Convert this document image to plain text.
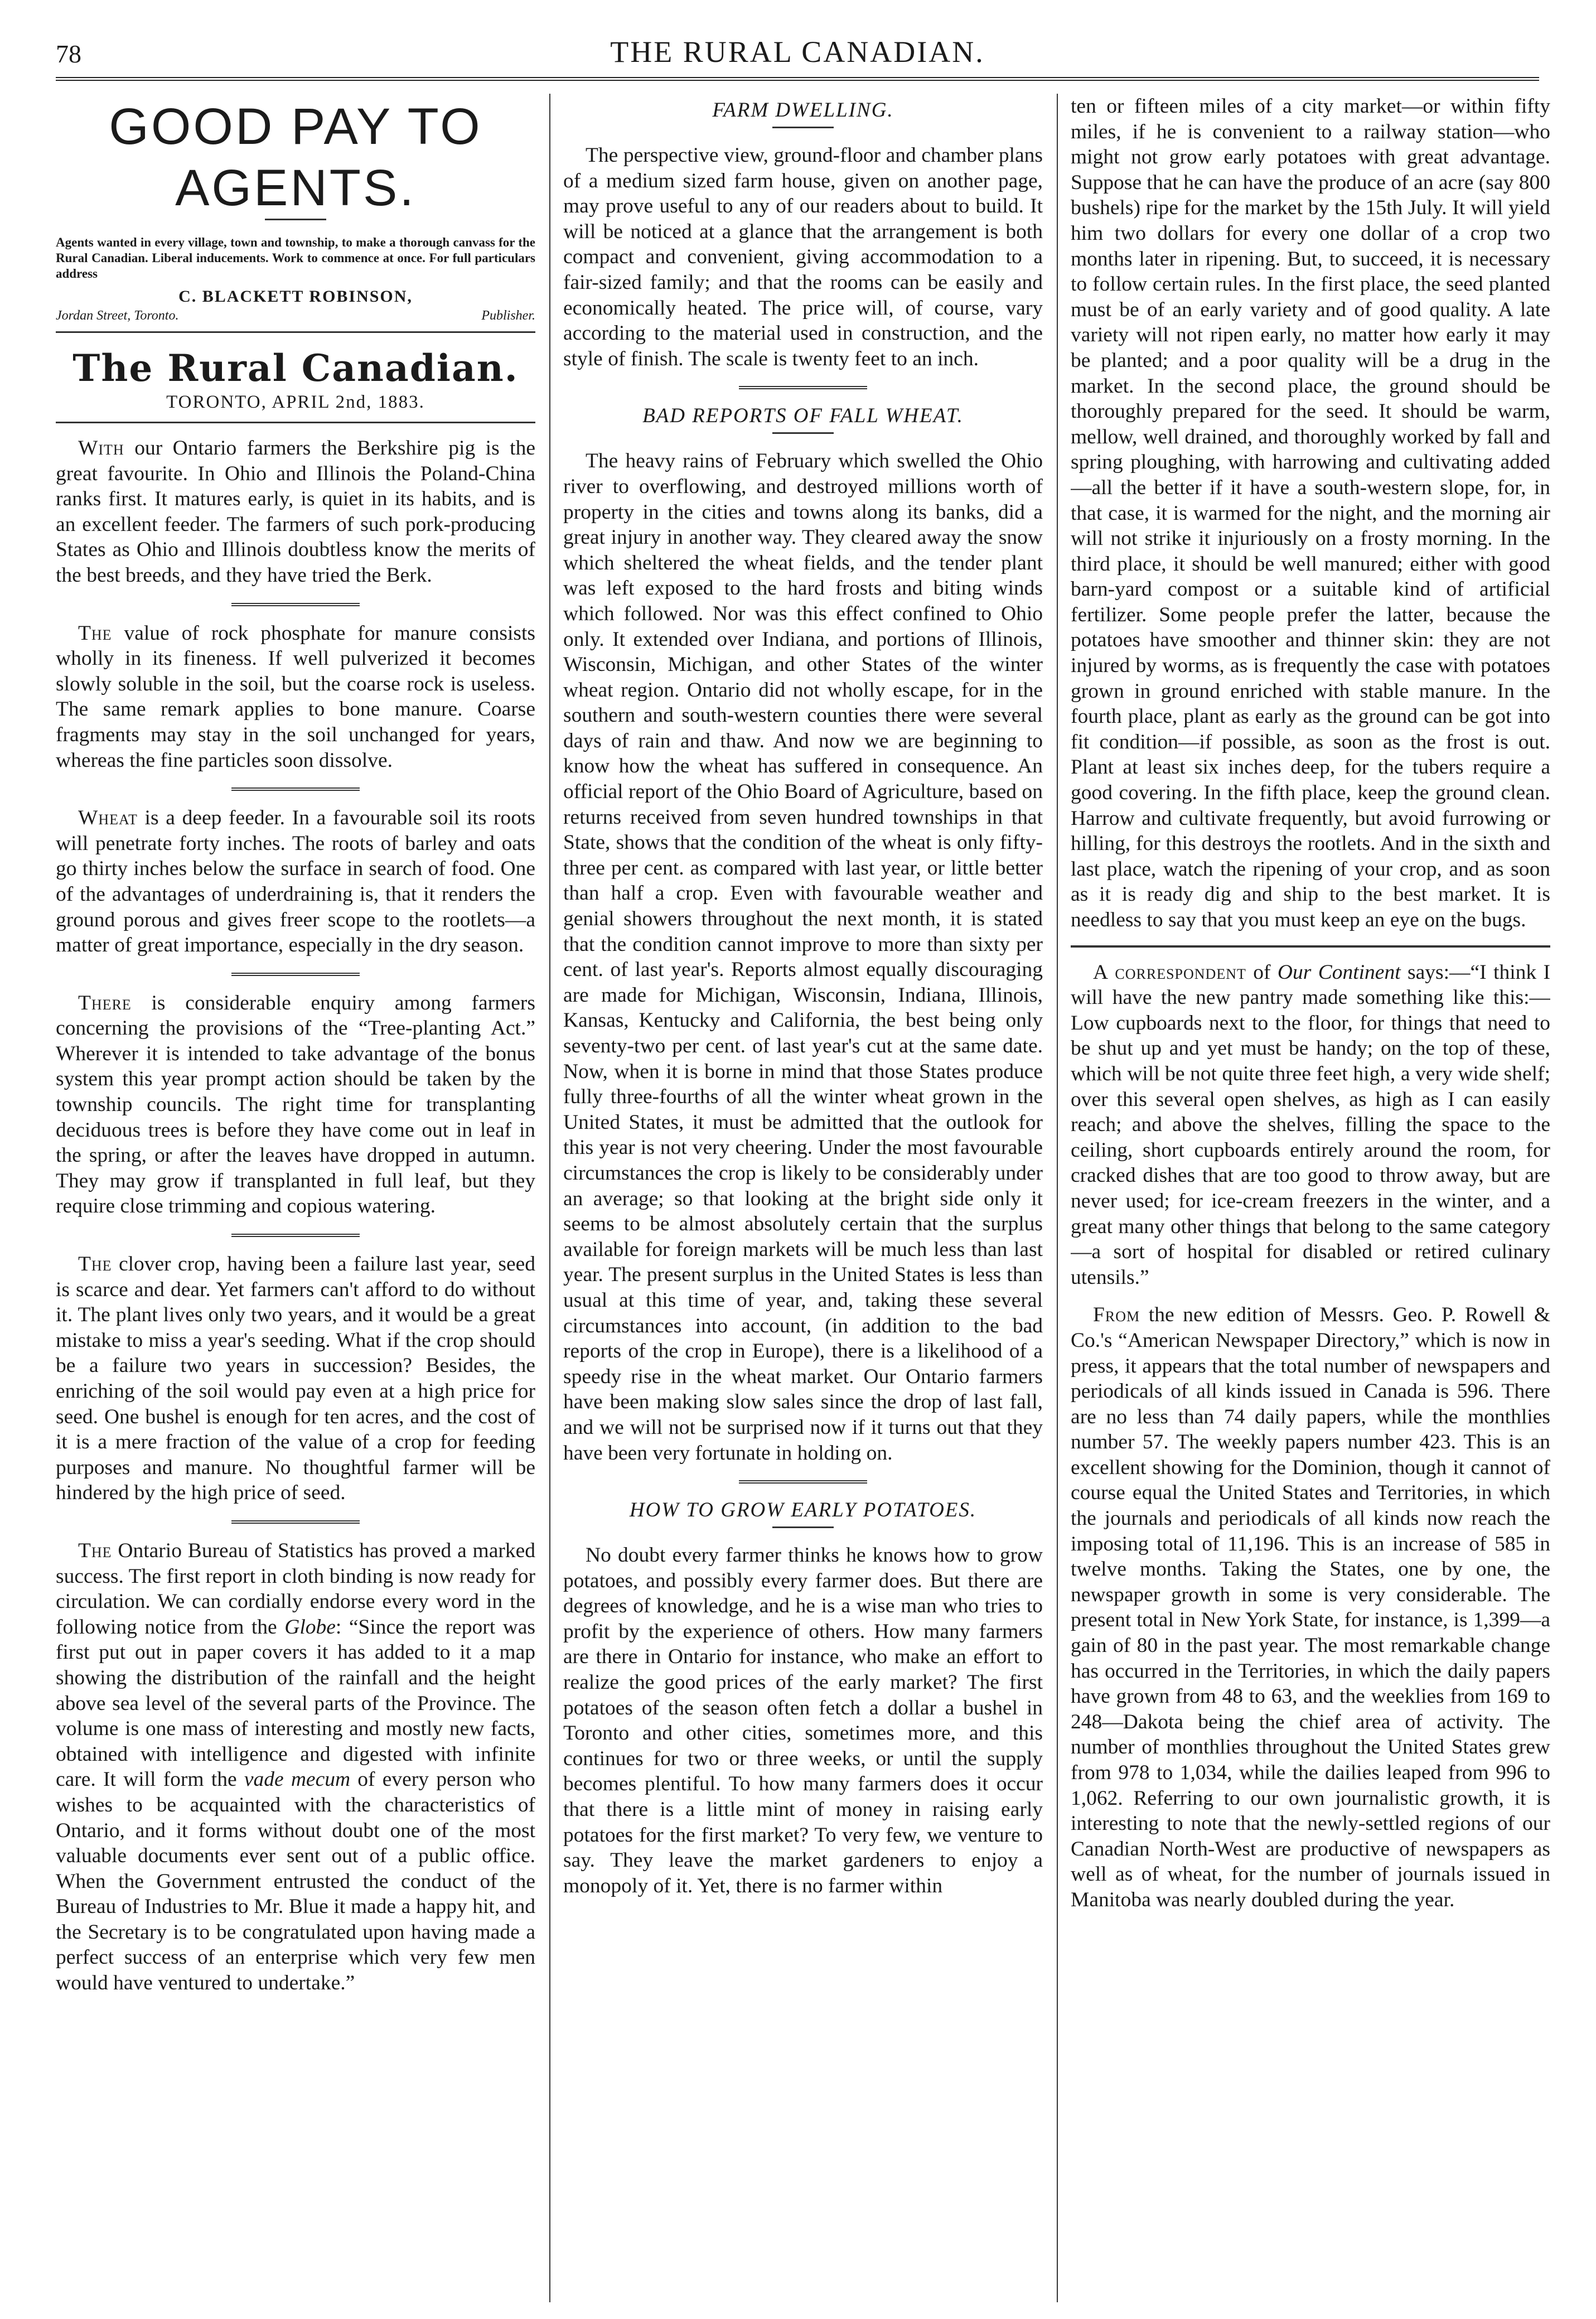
78	THE RURAL CANADIAN.
GOOD PAY TO AGENTS.

Agents wanted in every village, town and township, to make a thorough canvass for the Rural Canadian. Liberal inducements. Work to commence at once. For full particulars address

C. BLACKETT ROBINSON,
Jordan Street, Toronto.	Publisher.
The Rural Canadian.
TORONTO, APRIL 2nd, 1883.

With our Ontario farmers the Berkshire pig is the great favourite. In Ohio and Illinois the Poland-China ranks first. It matures early, is quiet in its habits, and is an excellent feeder. The farmers of such pork-producing States as Ohio and Illinois doubtless know the merits of the best breeds, and they have tried the Berk.

The value of rock phosphate for manure consists wholly in its fineness. If well pulverized it becomes slowly soluble in the soil, but the coarse rock is useless. The same remark applies to bone manure. Coarse fragments may stay in the soil unchanged for years, whereas the fine particles soon dissolve.

Wheat is a deep feeder. In a favourable soil its roots will penetrate forty inches. The roots of barley and oats go thirty inches below the surface in search of food. One of the advantages of underdraining is, that it renders the ground porous and gives freer scope to the rootlets—a matter of great importance, especially in the dry season.

There is considerable enquiry among farmers concerning the provisions of the “Tree-planting Act.” Wherever it is intended to take advantage of the bonus system this year prompt action should be taken by the township councils. The right time for transplanting deciduous trees is before they have come out in leaf in the spring, or after the leaves have dropped in autumn. They may grow if transplanted in full leaf, but they require close trimming and copious watering.

The clover crop, having been a failure last year, seed is scarce and dear. Yet farmers can't afford to do without it. The plant lives only two years, and it would be a great mistake to miss a year's seeding. What if the crop should be a failure two years in succession? Besides, the enriching of the soil would pay even at a high price for seed. One bushel is enough for ten acres, and the cost of it is a mere fraction of the value of a crop for feeding purposes and manure. No thoughtful farmer will be hindered by the high price of seed.

The Ontario Bureau of Statistics has proved a marked success. The first report in cloth binding is now ready for circulation. We can cordially endorse every word in the following notice from the Globe: “Since the report was first put out in paper covers it has added to it a map showing the distribution of the rainfall and the height above sea level of the several parts of the Province. The volume is one mass of interesting and mostly new facts, obtained with intelligence and digested with infinite care. It will form the vade mecum of every person who wishes to be acquainted with the characteristics of Ontario, and it forms without doubt one of the most valuable documents ever sent out of a public office. When the Government entrusted the conduct of the Bureau of Industries to Mr. Blue it made a happy hit, and the Secretary is to be congratulated upon having made a perfect success of an enterprise which very few men would have ventured to undertake.”

FARM DWELLING.

The perspective view, ground-floor and chamber plans of a medium sized farm house, given on another page, may prove useful to any of our readers about to build. It will be noticed at a glance that the arrangement is both compact and convenient, giving accommodation to a fair-sized family; and that the rooms can be easily and economically heated. The price will, of course, vary according to the material used in construction, and the style of finish. The scale is twenty feet to an inch.

BAD REPORTS OF FALL WHEAT.

The heavy rains of February which swelled the Ohio river to overflowing, and destroyed millions worth of property in the cities and towns along its banks, did a great injury in another way. They cleared away the snow which sheltered the wheat fields, and the tender plant was left exposed to the hard frosts and biting winds which followed. Nor was this effect confined to Ohio only. It extended over Indiana, and portions of Illinois, Wisconsin, Michigan, and other States of the winter wheat region. Ontario did not wholly escape, for in the southern and south-western counties there were several days of rain and thaw. And now we are beginning to know how the wheat has suffered in consequence. An official report of the Ohio Board of Agriculture, based on returns received from seven hundred townships in that State, shows that the condition of the wheat is only fifty-three per cent. as compared with last year, or little better than half a crop. Even with favourable weather and genial showers throughout the next month, it is stated that the condition cannot improve to more than sixty per cent. of last year's. Reports almost equally discouraging are made for Michigan, Wisconsin, Indiana, Illinois, Kansas, Kentucky and California, the best being only seventy-two per cent. of last year's cut at the same date. Now, when it is borne in mind that those States produce fully three-fourths of all the winter wheat grown in the United States, it must be admitted that the outlook for this year is not very cheering. Under the most favourable circumstances the crop is likely to be considerably under an average; so that looking at the bright side only it seems to be almost absolutely certain that the surplus available for foreign markets will be much less than last year. The present surplus in the United States is less than usual at this time of year, and, taking these several circumstances into account, (in addition to the bad reports of the crop in Europe), there is a likelihood of a speedy rise in the wheat market. Our Ontario farmers have been making slow sales since the drop of last fall, and we will not be surprised now if it turns out that they have been very fortunate in holding on.

HOW TO GROW EARLY POTATOES.

No doubt every farmer thinks he knows how to grow potatoes, and possibly every farmer does. But there are degrees of knowledge, and he is a wise man who tries to profit by the experience of others. How many farmers are there in Ontario for instance, who make an effort to realize the good prices of the early market? The first potatoes of the season often fetch a dollar a bushel in Toronto and other cities, sometimes more, and this continues for two or three weeks, or until the supply becomes plentiful. To how many farmers does it occur that there is a little mint of money in raising early potatoes for the first market? To very few, we venture to say. They leave the market gardeners to enjoy a monopoly of it. Yet, there is no farmer within

ten or fifteen miles of a city market—or within fifty miles, if he is convenient to a railway station—who might not grow early potatoes with great advantage. Suppose that he can have the produce of an acre (say 800 bushels) ripe for the market by the 15th July. It will yield him two dollars for every one dollar of a crop two months later in ripening. But, to succeed, it is necessary to follow certain rules. In the first place, the seed planted must be of an early variety and of good quality. A late variety will not ripen early, no matter how early it may be planted; and a poor quality will be a drug in the market. In the second place, the ground should be thoroughly prepared for the seed. It should be warm, mellow, well drained, and thoroughly worked by fall and spring ploughing, with harrowing and cultivating added—all the better if it have a south-western slope, for, in that case, it is warmed for the night, and the morning air will not strike it injuriously on a frosty morning. In the third place, it should be well manured; either with good barn-yard compost or a suitable kind of artificial fertilizer. Some people prefer the latter, because the potatoes have smoother and thinner skin: they are not injured by worms, as is frequently the case with potatoes grown in ground enriched with stable manure. In the fourth place, plant as early as the ground can be got into fit condition—if possible, as soon as the frost is out. Plant at least six inches deep, for the tubers require a good covering. In the fifth place, keep the ground clean. Harrow and cultivate frequently, but avoid furrowing or hilling, for this destroys the rootlets. And in the sixth and last place, watch the ripening of your crop, and as soon as it is ready dig and ship to the best market. It is needless to say that you must keep an eye on the bugs.

A correspondent of Our Continent says:—“I think I will have the new pantry made something like this:—Low cupboards next to the floor, for things that need to be shut up and yet must be handy; on the top of these, which will be not quite three feet high, a very wide shelf; over this several open shelves, as high as I can easily reach; and above the shelves, filling the space to the ceiling, short cupboards entirely around the room, for cracked dishes that are too good to throw away, but are never used; for ice-cream freezers in the winter, and a great many other things that belong to the same category—a sort of hospital for disabled or retired culinary utensils.”

From the new edition of Messrs. Geo. P. Rowell & Co.'s “American Newspaper Directory,” which is now in press, it appears that the total number of newspapers and periodicals of all kinds issued in Canada is 596. There are no less than 74 daily papers, while the monthlies number 57. The weekly papers number 423. This is an excellent showing for the Dominion, though it cannot of course equal the United States and Territories, in which the journals and periodicals of all kinds now reach the imposing total of 11,196. This is an increase of 585 in twelve months. Taking the States, one by one, the newspaper growth in some is very considerable. The present total in New York State, for instance, is 1,399—a gain of 80 in the past year. The most remarkable change has occurred in the Territories, in which the daily papers have grown from 48 to 63, and the weeklies from 169 to 248—Dakota being the chief area of activity. The number of monthlies throughout the United States grew from 978 to 1,034, while the dailies leaped from 996 to 1,062. Referring to our own journalistic growth, it is interesting to note that the newly-settled regions of our Canadian North-West are productive of newspapers as well as of wheat, for the number of journals issued in Manitoba was nearly doubled during the year.
